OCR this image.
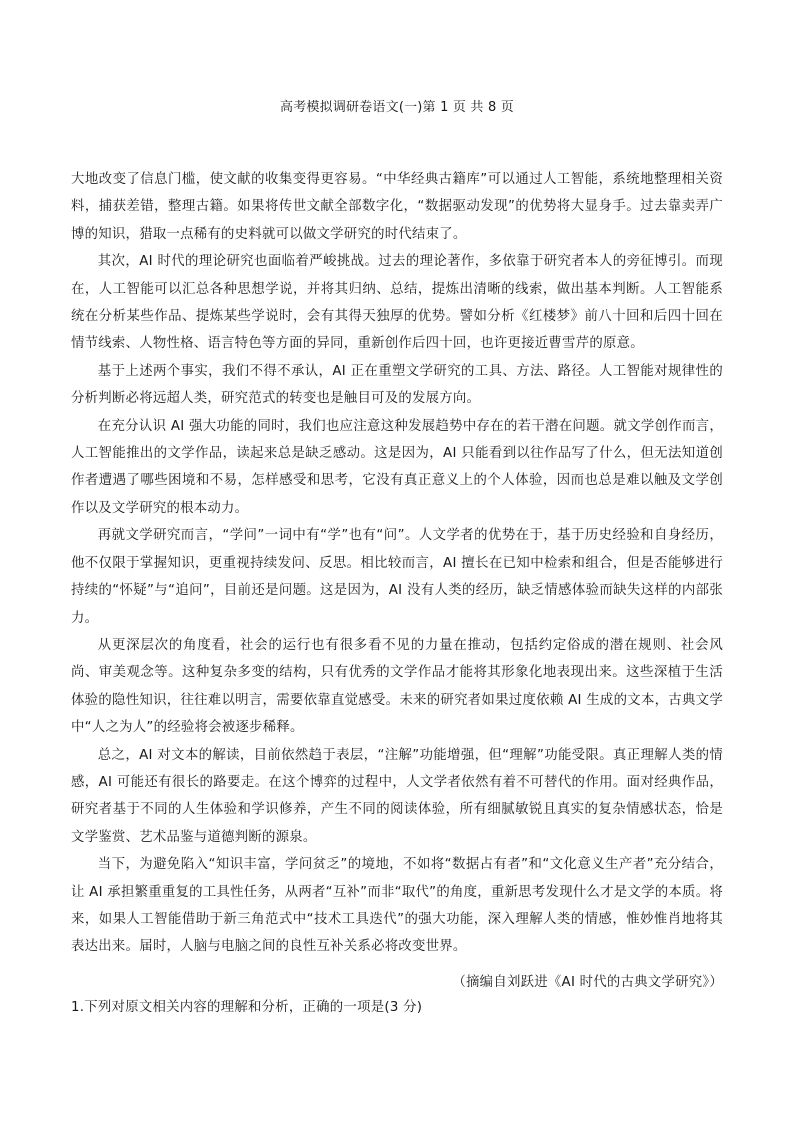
高考模拟调研卷语文(一)第 1 页 共 8 页

大地改变了信息门槛，使文献的收集变得更容易。“中华经典古籍库”可以通过人工智能，系统地整理相关资料，捕获差错，整理古籍。如果将传世文献全部数字化，“数据驱动发现”的优势将大显身手。过去靠卖弄广博的知识，猎取一点稀有的史料就可以做文学研究的时代结束了。

其次，AI 时代的理论研究也面临着严峻挑战。过去的理论著作，多依靠于研究者本人的旁征博引。而现在，人工智能可以汇总各种思想学说，并将其归纳、总结，提炼出清晰的线索，做出基本判断。人工智能系统在分析某些作品、提炼某些学说时，会有其得天独厚的优势。譬如分析《红楼梦》前八十回和后四十回在情节线索、人物性格、语言特色等方面的异同，重新创作后四十回，也许更接近曹雪芹的原意。

基于上述两个事实，我们不得不承认，AI 正在重塑文学研究的工具、方法、路径。人工智能对规律性的分析判断必将远超人类，研究范式的转变也是触目可及的发展方向。

在充分认识 AI 强大功能的同时，我们也应注意这种发展趋势中存在的若干潜在问题。就文学创作而言，人工智能推出的文学作品，读起来总是缺乏感动。这是因为，AI 只能看到以往作品写了什么，但无法知道创作者遭遇了哪些困境和不易，怎样感受和思考，它没有真正意义上的个人体验，因而也总是难以触及文学创作以及文学研究的根本动力。

再就文学研究而言，“学问”一词中有“学”也有“问”。人文学者的优势在于，基于历史经验和自身经历，他不仅限于掌握知识，更重视持续发问、反思。相比较而言，AI 擅长在已知中检索和组合，但是否能够进行持续的“怀疑”与“追问”，目前还是问题。这是因为，AI 没有人类的经历，缺乏情感体验而缺失这样的内部张力。

从更深层次的角度看，社会的运行也有很多看不见的力量在推动，包括约定俗成的潜在规则、社会风尚、审美观念等。这种复杂多变的结构，只有优秀的文学作品才能将其形象化地表现出来。这些深植于生活体验的隐性知识，往往难以明言，需要依靠直觉感受。未来的研究者如果过度依赖 AI 生成的文本，古典文学中“人之为人”的经验将会被逐步稀释。

总之，AI 对文本的解读，目前依然趋于表层，“注解”功能增强，但“理解”功能受限。真正理解人类的情感，AI 可能还有很长的路要走。在这个博弈的过程中，人文学者依然有着不可替代的作用。面对经典作品，研究者基于不同的人生体验和学识修养，产生不同的阅读体验，所有细腻敏锐且真实的复杂情感状态，恰是文学鉴赏、艺术品鉴与道德判断的源泉。

当下，为避免陷入“知识丰富，学问贫乏”的境地，不如将“数据占有者”和“文化意义生产者”充分结合，让 AI 承担繁重重复的工具性任务，从两者“互补”而非“取代”的角度，重新思考发现什么才是文学的本质。将来，如果人工智能借助于新三角范式中“技术工具迭代”的强大功能，深入理解人类的情感，惟妙惟肖地将其表达出来。届时，人脑与电脑之间的良性互补关系必将改变世界。

（摘编自刘跃进《AI 时代的古典文学研究》）
1.下列对原文相关内容的理解和分析，正确的一项是(3 分)
